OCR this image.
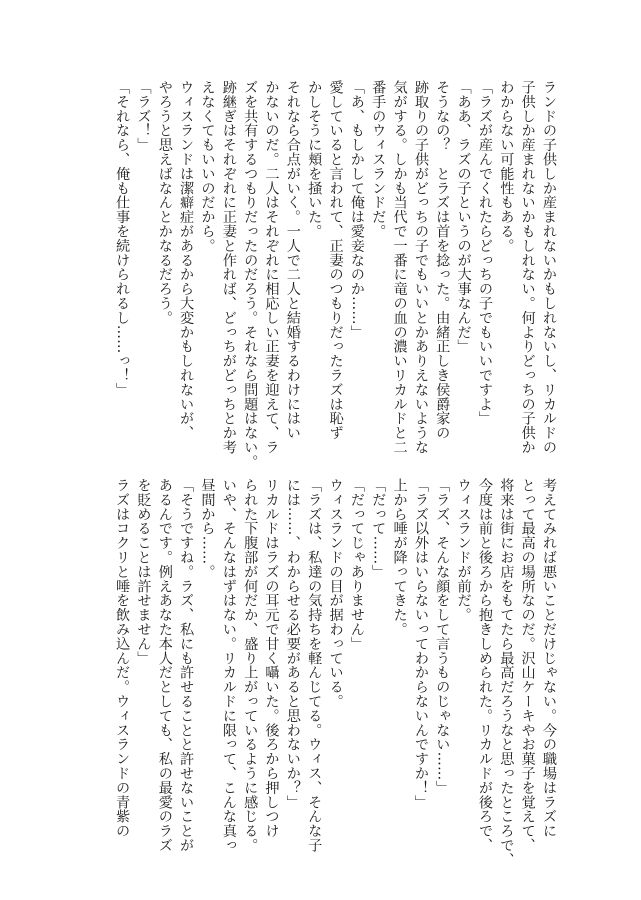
ランドの子供しか産まれないかもしれないし、リカルドの
子供しか産まれないかもしれない。何よりどっちの子供か
わからない可能性もある。
「ラズが産んでくれたらどっちの子でもいいですよ」
「ああ、ラズの子というのが大事なんだ」
そうなの？　とラズは首を捻った。由緒正しき侯爵家の
跡取りの子供がどっちの子でもいいとかありえないような
気がする。しかも当代で一番に竜の血の濃いリカルドと二
番手のウィスランドだ。
「あ、もしかして俺は愛妾なのか……」
愛していると言われて、正妻のつもりだったラズは恥ず
かしそうに頬を掻いた。
それなら合点がいく。一人で二人と結婚するわけにはい
かないのだ。二人はそれぞれに相応しい正妻を迎えて、ラ
ズを共有するつもりだったのだろう。それなら問題はない。
跡継ぎはそれぞれに正妻と作れば、どっちがどっちとか考
えなくてもいいのだから。
ウィスランドは潔癖症があるから大変かもしれないが、
やろうと思えばなんとかなるだろう。
「ラズ！」
「それなら、俺も仕事を続けられるし……っ！」
考えてみれば悪いことだけじゃない。今の職場はラズに
とって最高の場所なのだ。沢山ケーキやお菓子を覚えて、
将来は街にお店をもてたら最高だろうなと思ったところで、
今度は前と後ろから抱きしめられた。リカルドが後ろで、
ウィスランドが前だ。
「ラズ、そんな顔をして言うものじゃない……」
「ラズ以外はいらないってわからないんですか！」
上から唾が降ってきた。
「だって……」
「だってじゃありません」
ウィスランドの目が据わっている。
「ラズは、私達の気持ちを軽んじてる。ウィス、そんな子
には……、わからせる必要があると思わないか？」
リカルドはラズの耳元で甘く囁いた。後ろから押しつけ
られた下腹部が何だか、盛り上がっているように感じる。
いや、そんなはずはない。リカルドに限って、こんな真っ
昼間から……。
「そうですね。ラズ、私にも許せることと許せないことが
あるんです。例えあなた本人だとしても、私の最愛のラズ
を貶めることは許せません」
ラズはコクリと唾を飲み込んだ。ウィスランドの青紫の
